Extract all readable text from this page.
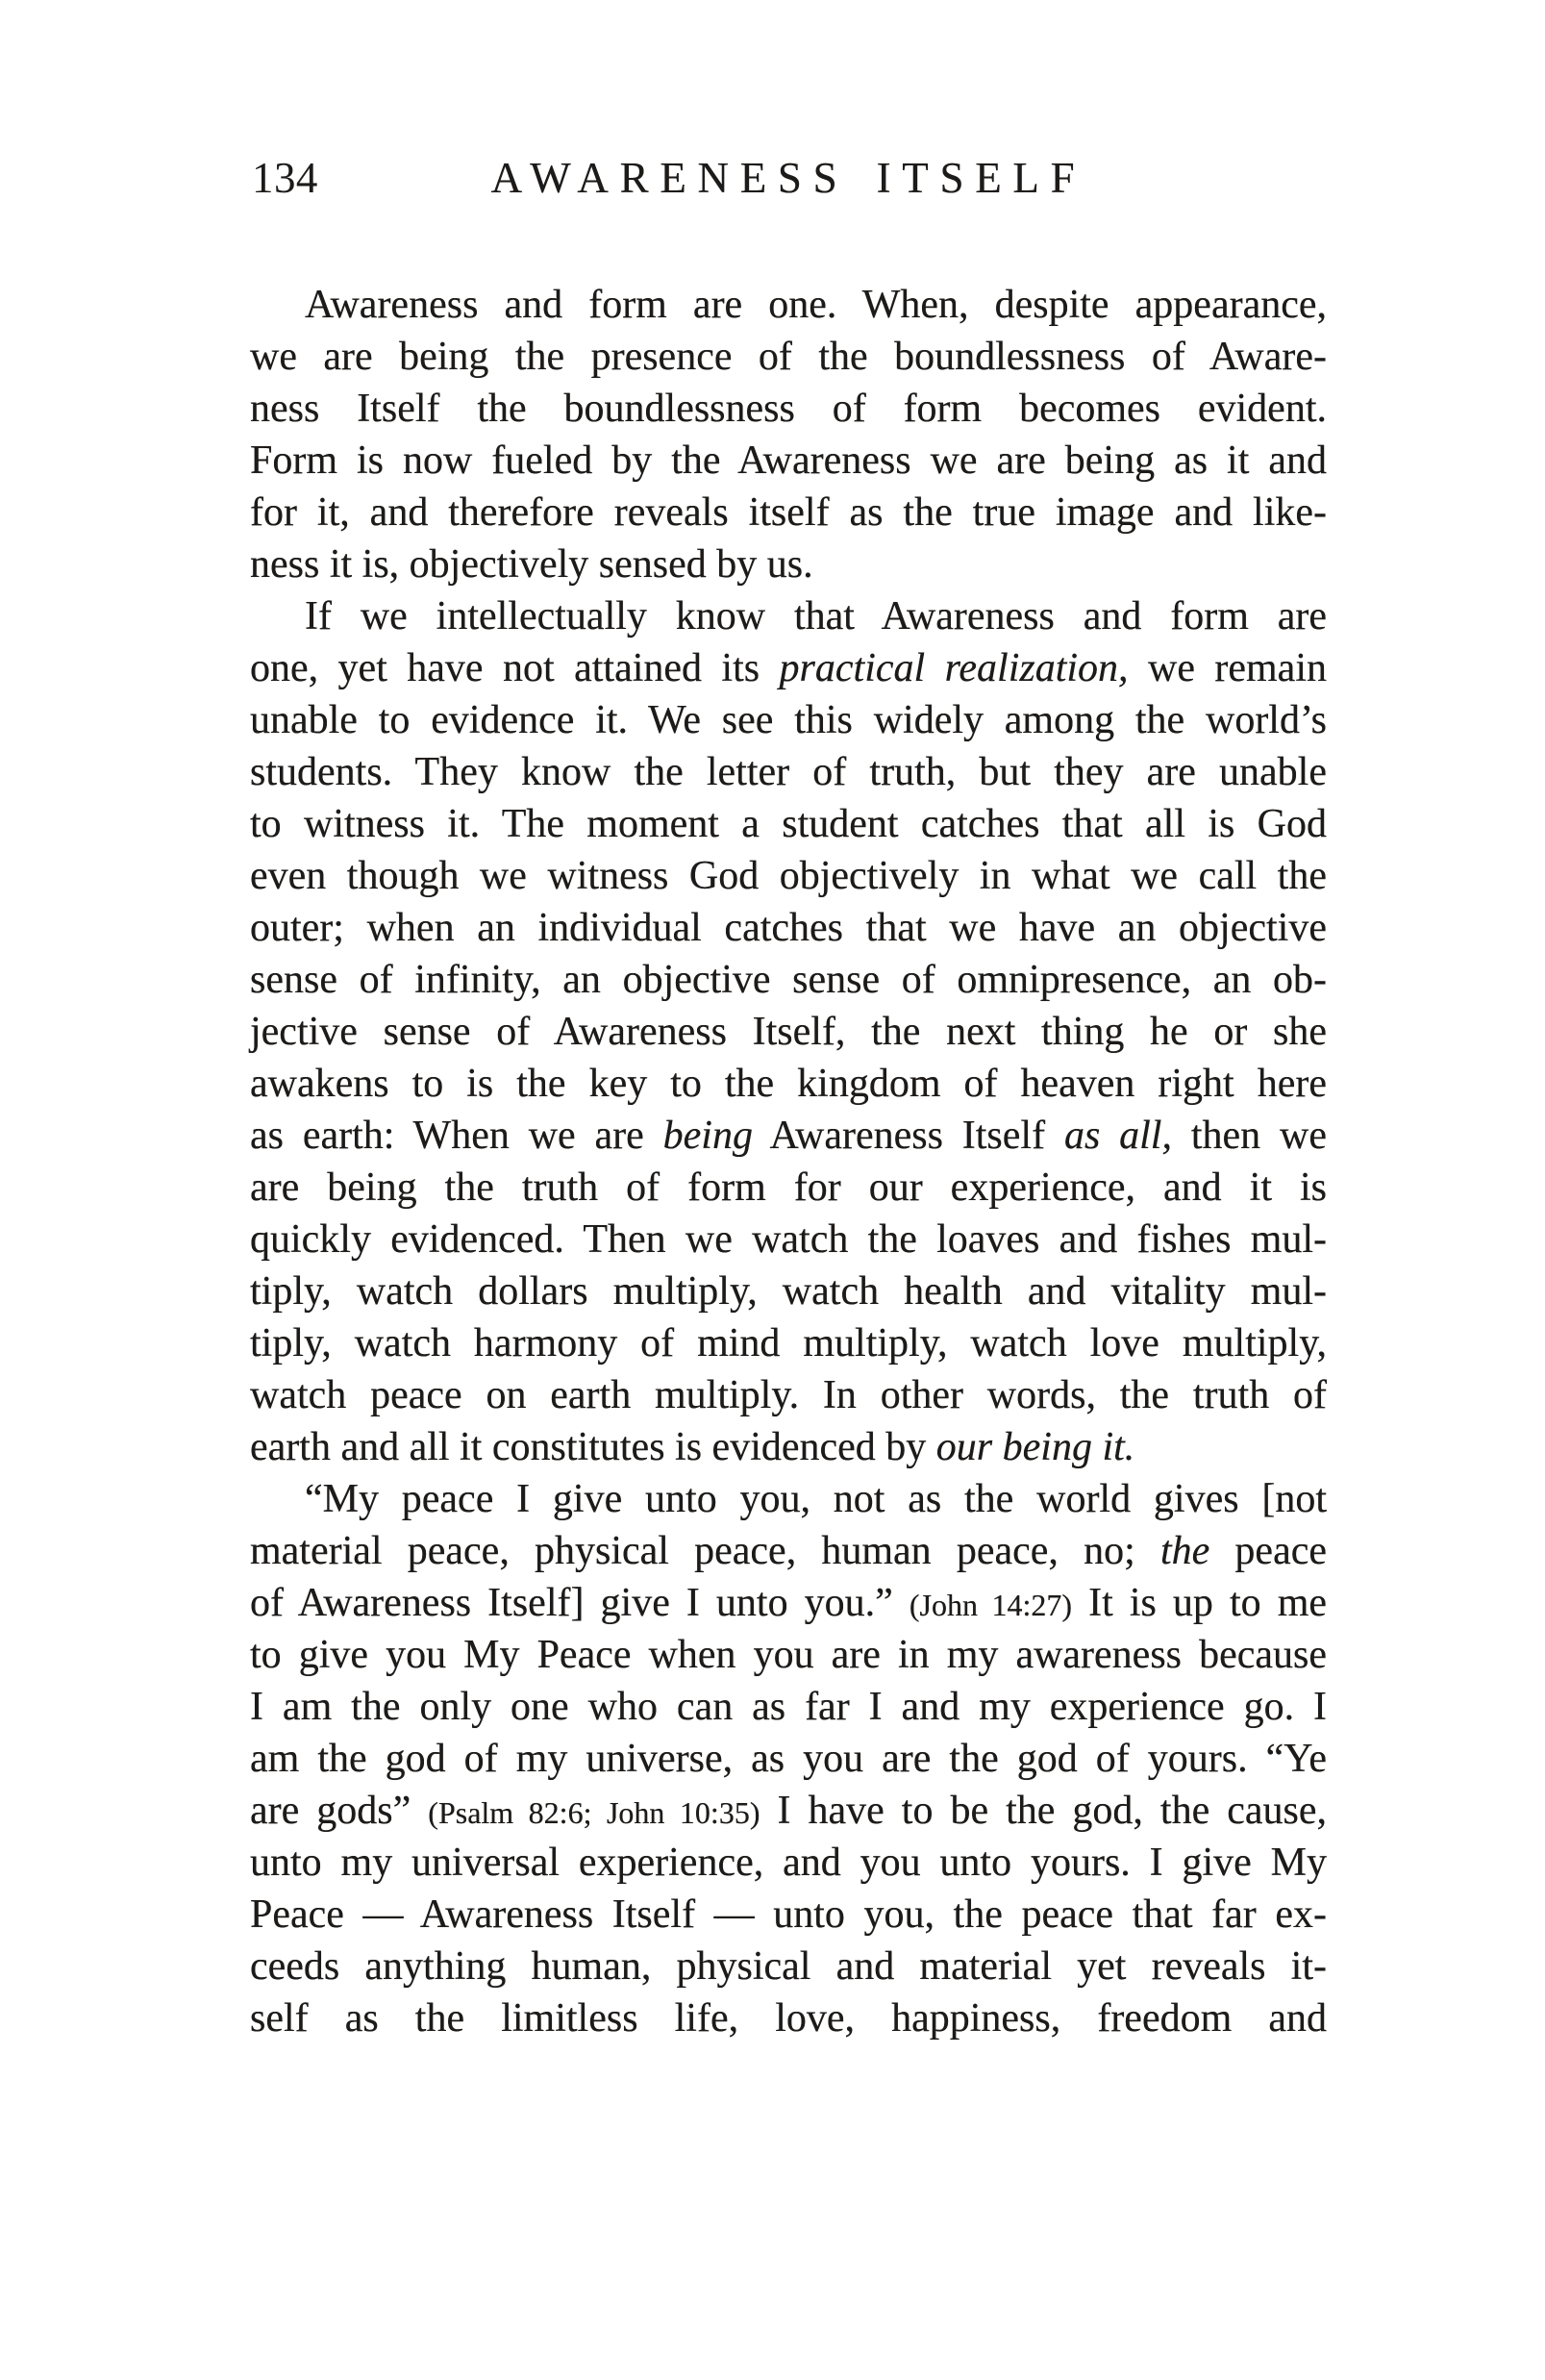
134	AWARENESS ITSELF
Awareness and form are one. When, despite appearance,
we are being the presence of the boundlessness of Aware-
ness Itself the boundlessness of form becomes evident.
Form is now fueled by the Awareness we are being as it and
for it, and therefore reveals itself as the true image and like-
ness it is, objectively sensed by us.
If we intellectually know that Awareness and form are
one, yet have not attained its practical realization, we remain
unable to evidence it. We see this widely among the world’s
students. They know the letter of truth, but they are unable
to witness it. The moment a student catches that all is God
even though we witness God objectively in what we call the
outer; when an individual catches that we have an objective
sense of infinity, an objective sense of omnipresence, an ob-
jective sense of Awareness Itself, the next thing he or she
awakens to is the key to the kingdom of heaven right here
as earth: When we are being Awareness Itself as all, then we
are being the truth of form for our experience, and it is
quickly evidenced. Then we watch the loaves and fishes mul-
tiply, watch dollars multiply, watch health and vitality mul-
tiply, watch harmony of mind multiply, watch love multiply,
watch peace on earth multiply. In other words, the truth of
earth and all it constitutes is evidenced by our being it.
“My peace I give unto you, not as the world gives [not
material peace, physical peace, human peace, no; the peace
of Awareness Itself] give I unto you.” (John 14:27) It is up to me
to give you My Peace when you are in my awareness because
I am the only one who can as far I and my experience go. I
am the god of my universe, as you are the god of yours. “Ye
are gods” (Psalm 82:6; John 10:35) I have to be the god, the cause,
unto my universal experience, and you unto yours. I give My
Peace — Awareness Itself — unto you, the peace that far ex-
ceeds anything human, physical and material yet reveals it-
self as the limitless life, love, happiness, freedom and
